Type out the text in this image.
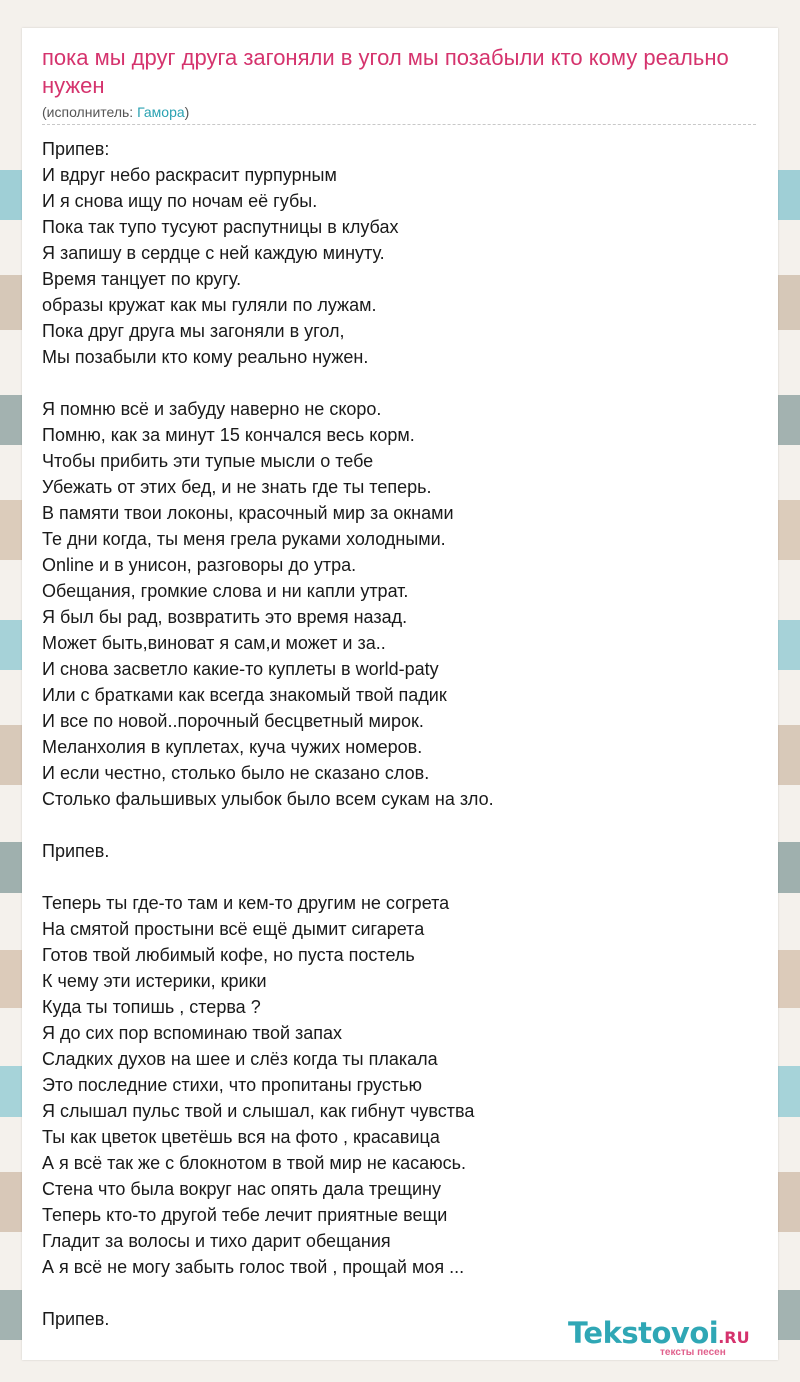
пока мы друг друга загоняли в угол мы позабыли кто кому реально нужен
(исполнитель: Гамора)
Припев:
И вдруг небо раскрасит пурпурным
И я снова ищу по ночам её губы.
Пока так тупо тусуют распутницы в клубах
Я запишу в сердце с ней каждую минуту.
Время танцует по кругу.
образы кружат как мы гуляли по лужам.
Пока друг друга мы загоняли в угол,
Мы позабыли кто кому реально нужен.
Я помню всё и забуду наверно не скоро.
Помню, как за минут 15 кончался весь корм.
Чтобы прибить эти тупые мысли о тебе
Убежать от этих бед, и не знать где ты теперь.
В памяти твои локоны, красочный мир за окнами
Те дни когда, ты меня грела руками холодными.
Online и в унисон, разговоры до утра.
Обещания, громкие слова и ни капли утрат.
Я был бы рад, возвратить это время назад.
Может быть,виноват я сам,и может и за..
И снова засветло какие-то куплеты в world-paty
Или с братками как всегда знакомый твой падик
И все по новой..порочный бесцветный мирок.
Меланхолия в куплетах, куча чужих номеров.
И если честно, столько было не сказано слов.
Столько фальшивых улыбок было всем сукам на зло.
Припев.
Теперь ты где-то там и кем-то другим не согрета
На смятой простыни всё ещё дымит сигарета
Готов твой любимый кофе, но пуста постель
К чему эти истерики, крики
Куда ты топишь , стерва ?
Я до сих пор вспоминаю твой запах
Сладких духов на шее и слёз когда ты плакала
Это последние стихи, что пропитаны грустью
Я слышал пульс твой и слышал, как гибнут чувства
Ты как цветок цветёшь вся на фото , красавица
А я всё так же с блокнотом в твой мир не касаюсь.
Стена что была вокруг нас опять дала трещину
Теперь кто-то другой тебе лечит приятные вещи
Гладит за волосы и тихо дарит обещания
А я всё не могу забыть голос твой , прощай моя ...
Припев.	Tekstovoi.RU
тексты песен
